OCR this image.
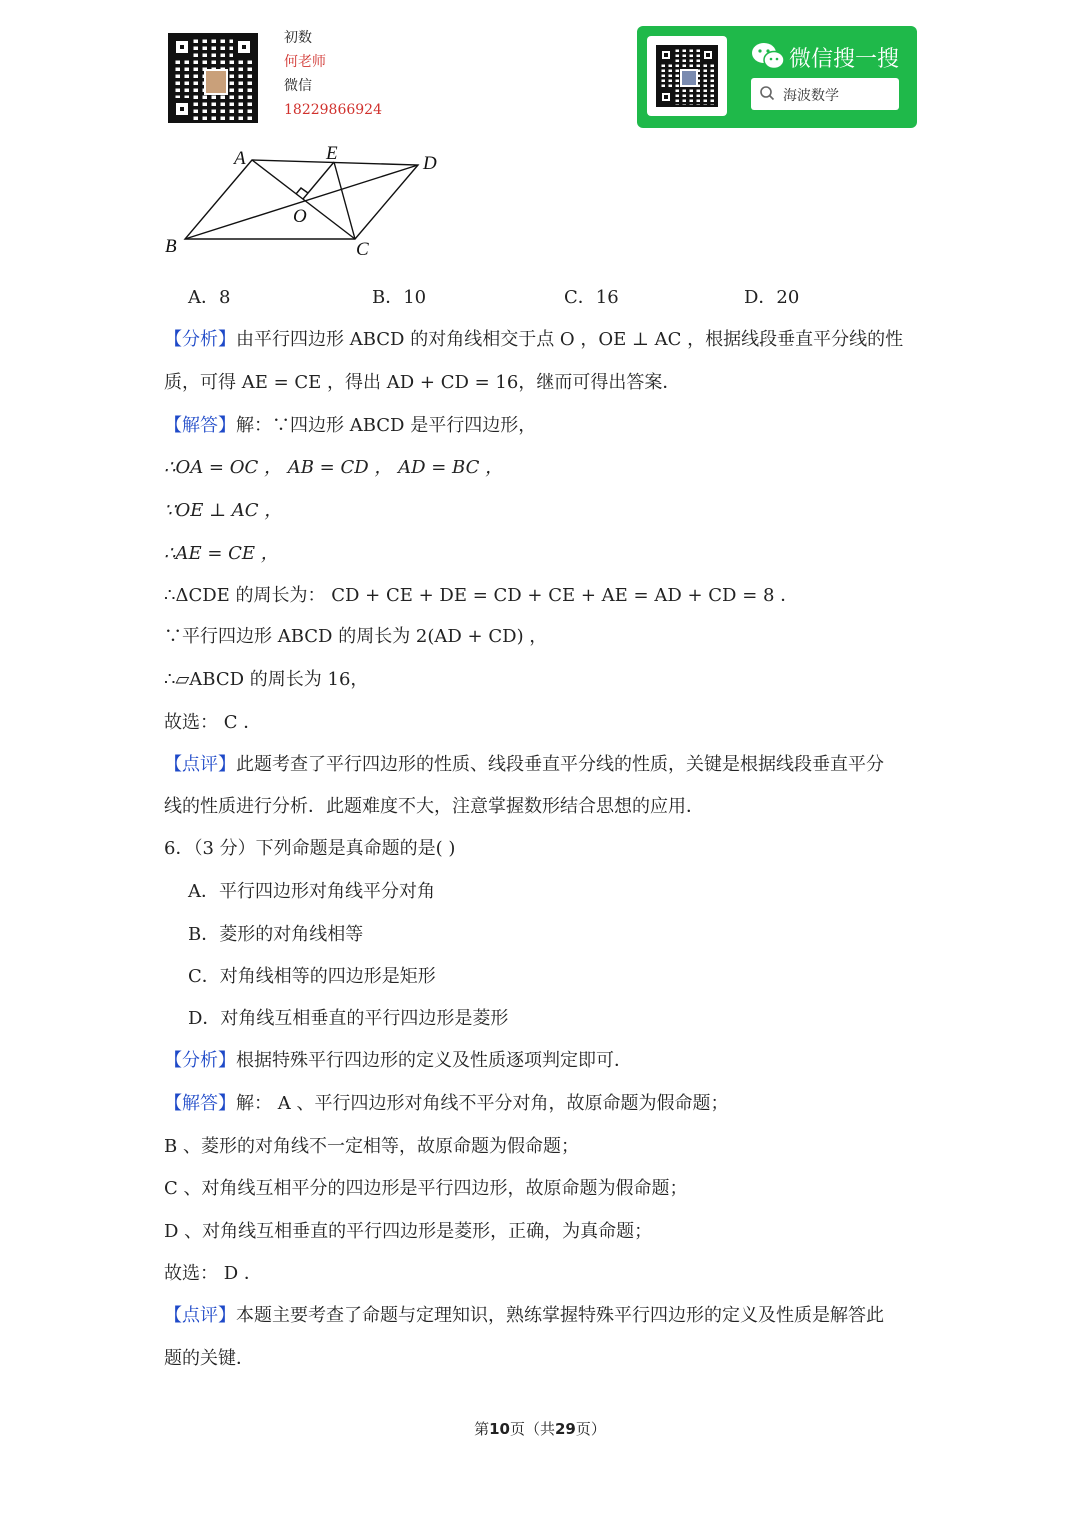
初数
何老师
微信
18229866924
微信搜一搜
海波数学
A	E	D
O
B	C
A．8	B．10	C．16	D．20
【分析】由平行四边形 ABCD 的对角线相交于点 O ，OE ⊥ AC ，根据线段垂直平分线的性
质，可得 AE = CE ，得出 AD + CD = 16，继而可得出答案．
【解答】解：∵四边形 ABCD 是平行四边形，
∴OA = OC ， AB = CD ， AD = BC ，
∵OE ⊥ AC ，
∴AE = CE ，
∴ΔCDE 的周长为： CD + CE + DE = CD + CE + AE = AD + CD = 8 ．
∵平行四边形 ABCD 的周长为 2(AD + CD) ，
∴▱ABCD 的周长为 16，
故选： C ．
【点评】此题考查了平行四边形的性质、线段垂直平分线的性质，关键是根据线段垂直平分
线的性质进行分析．此题难度不大，注意掌握数形结合思想的应用．
6．（3 分）下列命题是真命题的是( )
A．平行四边形对角线平分对角
B．菱形的对角线相等
C．对角线相等的四边形是矩形
D．对角线互相垂直的平行四边形是菱形
【分析】根据特殊平行四边形的定义及性质逐项判定即可．
【解答】解： A 、平行四边形对角线不平分对角，故原命题为假命题；
B 、菱形的对角线不一定相等，故原命题为假命题；
C 、对角线互相平分的四边形是平行四边形，故原命题为假命题；
D 、对角线互相垂直的平行四边形是菱形，正确，为真命题；
故选： D ．
【点评】本题主要考查了命题与定理知识，熟练掌握特殊平行四边形的定义及性质是解答此
题的关键．
第10页（共29页）
